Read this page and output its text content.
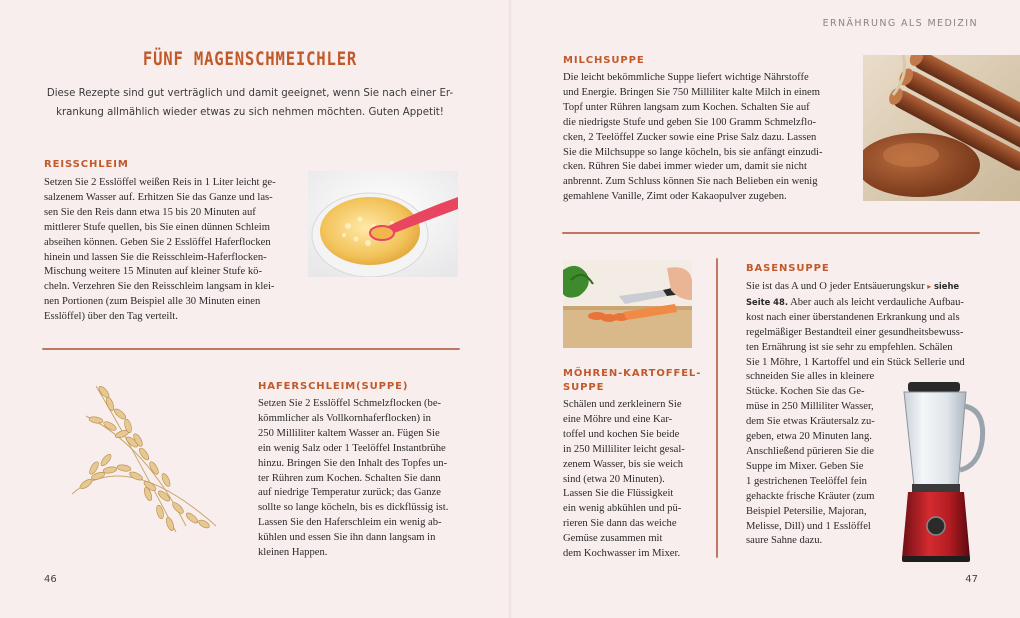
FÜNF MAGENSCHMEICHLER
Diese Rezepte sind gut verträglich und damit geeignet, wenn Sie nach einer Er-
krankung allmählich wieder etwas zu sich nehmen möchten. Guten Appetit!
REISSCHLEIM
Setzen Sie 2 Esslöffel weißen Reis in 1 Liter leicht ge-
salzenem Wasser auf. Erhitzen Sie das Ganze und las-
sen Sie den Reis dann etwa 15 bis 20 Minuten auf
mittlerer Stufe quellen, bis Sie einen dünnen Schleim
abseihen können. Geben Sie 2 Esslöffel Haferflocken
hinein und lassen Sie die Reisschleim-Haferflocken-
Mischung weitere 15 Minuten auf kleiner Stufe kö-
cheln. Verzehren Sie den Reisschleim langsam in klei-
nen Portionen (zum Beispiel alle 30 Minuten einen
Esslöffel) über den Tag verteilt.
HAFERSCHLEIM(SUPPE)
Setzen Sie 2 Esslöffel Schmelzflocken (be-
kömmlicher als Vollkornhaferflocken) in
250 Milliliter kaltem Wasser an. Fügen Sie
ein wenig Salz oder 1 Teelöffel Instantbrühe
hinzu. Bringen Sie den Inhalt des Topfes un-
ter Rühren zum Kochen. Schalten Sie dann
auf niedrige Temperatur zurück; das Ganze
sollte so lange köcheln, bis es dickflüssig ist.
Lassen Sie den Haferschleim ein wenig ab-
kühlen und essen Sie ihn dann langsam in
kleinen Happen.
46
ERNÄHRUNG ALS MEDIZIN
MILCHSUPPE
Die leicht bekömmliche Suppe liefert wichtige Nährstoffe
und Energie. Bringen Sie 750 Milliliter kalte Milch in einem
Topf unter Rühren langsam zum Kochen. Schalten Sie auf
die niedrigste Stufe und geben Sie 100 Gramm Schmelzflo-
cken, 2 Teelöffel Zucker sowie eine Prise Salz dazu. Lassen
Sie die Milchsuppe so lange köcheln, bis sie anfängt einzudi-
cken. Rühren Sie dabei immer wieder um, damit sie nicht
anbrennt. Zum Schluss können Sie nach Belieben ein wenig
gemahlene Vanille, Zimt oder Kakaopulver zugeben.
MÖHREN-KARTOFFEL-
SUPPE
Schälen und zerkleinern Sie
eine Möhre und eine Kar-
toffel und kochen Sie beide
in 250 Milliliter leicht gesal-
zenem Wasser, bis sie weich
sind (etwa 20 Minuten).
Lassen Sie die Flüssigkeit
ein wenig abkühlen und pü-
rieren Sie dann das weiche
Gemüse zusammen mit
dem Kochwasser im Mixer.
BASENSUPPE
Sie ist das A und O jeder Entsäuerungskur ▸ siehe
Seite 48. Aber auch als leicht verdauliche Aufbau-
kost nach einer überstandenen Erkrankung und als
regelmäßiger Bestandteil einer gesundheitsbewuss-
ten Ernährung ist sie sehr zu empfehlen. Schälen
Sie 1 Möhre, 1 Kartoffel und ein Stück Sellerie und
schneiden Sie alles in kleinere
Stücke. Kochen Sie das Ge-
müse in 250 Milliliter Wasser,
dem Sie etwas Kräutersalz zu-
geben, etwa 20 Minuten lang.
Anschließend pürieren Sie die
Suppe im Mixer. Geben Sie
1 gestrichenen Teelöffel fein
gehackte frische Kräuter (zum
Beispiel Petersilie, Majoran,
Melisse, Dill) und 1 Esslöffel
saure Sahne dazu.
47
